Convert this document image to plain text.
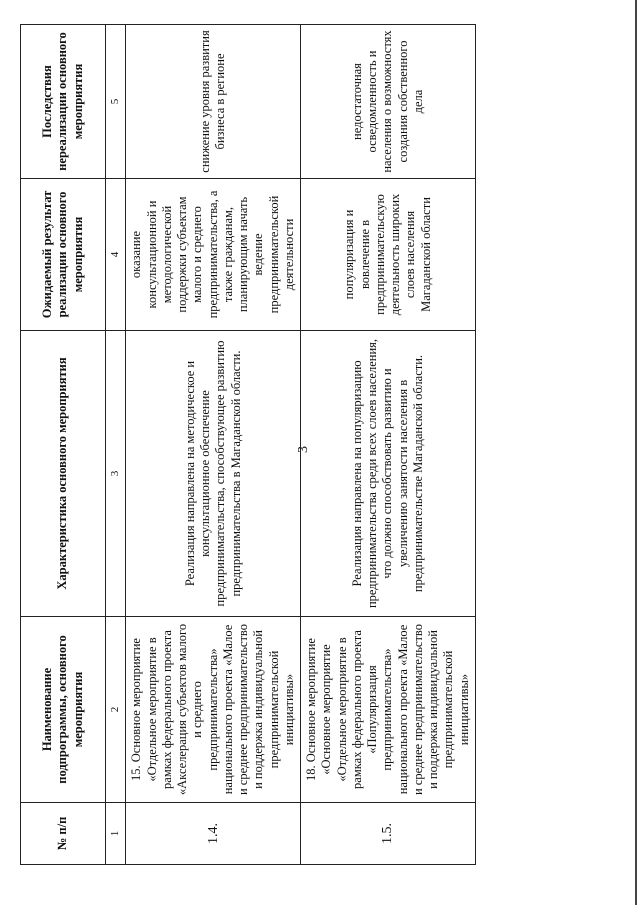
3
№ п/п	Наименование подпрограммы, основного мероприятия	Характеристика основного мероприятия	Ожидаемый результат реализации основного мероприятия	Последствия нереализации основного мероприятия
1	2	3	4	5
1.4.	15. Основное мероприятие «Отдельное мероприятие в рамках федерального проекта «Акселерация субъектов малого и среднего предпринимательства» национального проекта «Малое и среднее предпринимательство и поддержка индивидуальной предпринимательской инициативы»	Реализация направлена на методическое и консультационное обеспечение предпринимательства, способствующее развитию предпринимательства в Магаданской области.	оказание консультационной и методологической поддержки субъектам малого и среднего предпринимательства, а также гражданам, планирующим начать ведение предпринимательской деятельности	снижение уровня развития бизнеса в регионе
1.5.	18. Основное мероприятие «Основное мероприятие «Отдельное мероприятие в рамках федерального проекта «Популяризация предпринимательства» национального проекта «Малое и среднее предпринимательство и поддержка индивидуальной предпринимательской инициативы»	Реализация направлена на популяризацию предпринимательства среди всех слоев населения, что должно способствовать развитию и увеличению занятости населения в предпринимательстве Магаданской области.	популяризация и вовлечение в предпринимательскую деятельность широких слоев населения Магаданской области	недостаточная осведомленность и населения о возможностях создания собственного дела
